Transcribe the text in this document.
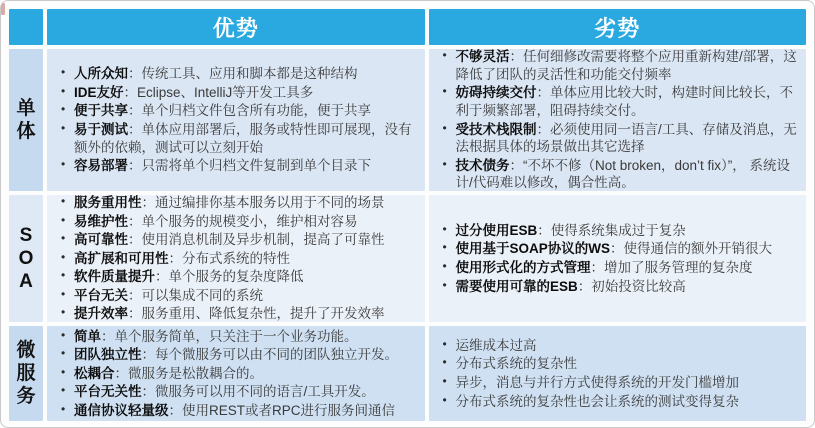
优势	劣势
单
体
• 人所众知：传统工具、应用和脚本都是这种结构
• IDE友好：Eclipse、IntelliJ等开发工具多
• 便于共享：单个归档文件包含所有功能，便于共享
• 易于测试：单体应用部署后，服务或特性即可展现，没有额外的依赖，测试可以立刻开始
• 容易部署：只需将单个归档文件复制到单个目录下
• 不够灵活：任何细修改需要将整个应用重新构建/部署，这降低了团队的灵活性和功能交付频率
• 妨碍持续交付：单体应用比较大时，构建时间比较长，不利于频繁部署，阻碍持续交付。
• 受技术栈限制：必须使用同一语言/工具、存储及消息，无法根据具体的场景做出其它选择
• 技术债务：“不坏不修（Not broken，don’t fix）”， 系统设计/代码难以修改，偶合性高。
S
O
A
• 服务重用性：通过编排你基本服务以用于不同的场景
• 易维护性：单个服务的规模变小，维护相对容易
• 高可靠性：使用消息机制及异步机制，提高了可靠性
• 高扩展和可用性：分布式系统的特性
• 软件质量提升：单个服务的复杂度降低
• 平台无关：可以集成不同的系统
• 提升效率：服务重用、降低复杂性，提升了开发效率
• 过分使用ESB：使得系统集成过于复杂
• 使用基于SOAP协议的WS：使得通信的额外开销很大
• 使用形式化的方式管理：增加了服务管理的复杂度
• 需要使用可靠的ESB：初始投资比较高
微
服
务
• 简单：单个服务简单，只关注于一个业务功能。
• 团队独立性：每个微服务可以由不同的团队独立开发。
• 松耦合：微服务是松散耦合的。
• 平台无关性：微服务可以用不同的语言/工具开发。
• 通信协议轻量级：使用REST或者RPC进行服务间通信
• 运维成本过高
• 分布式系统的复杂性
• 异步，消息与并行方式使得系统的开发门槛增加
• 分布式系统的复杂性也会让系统的测试变得复杂
